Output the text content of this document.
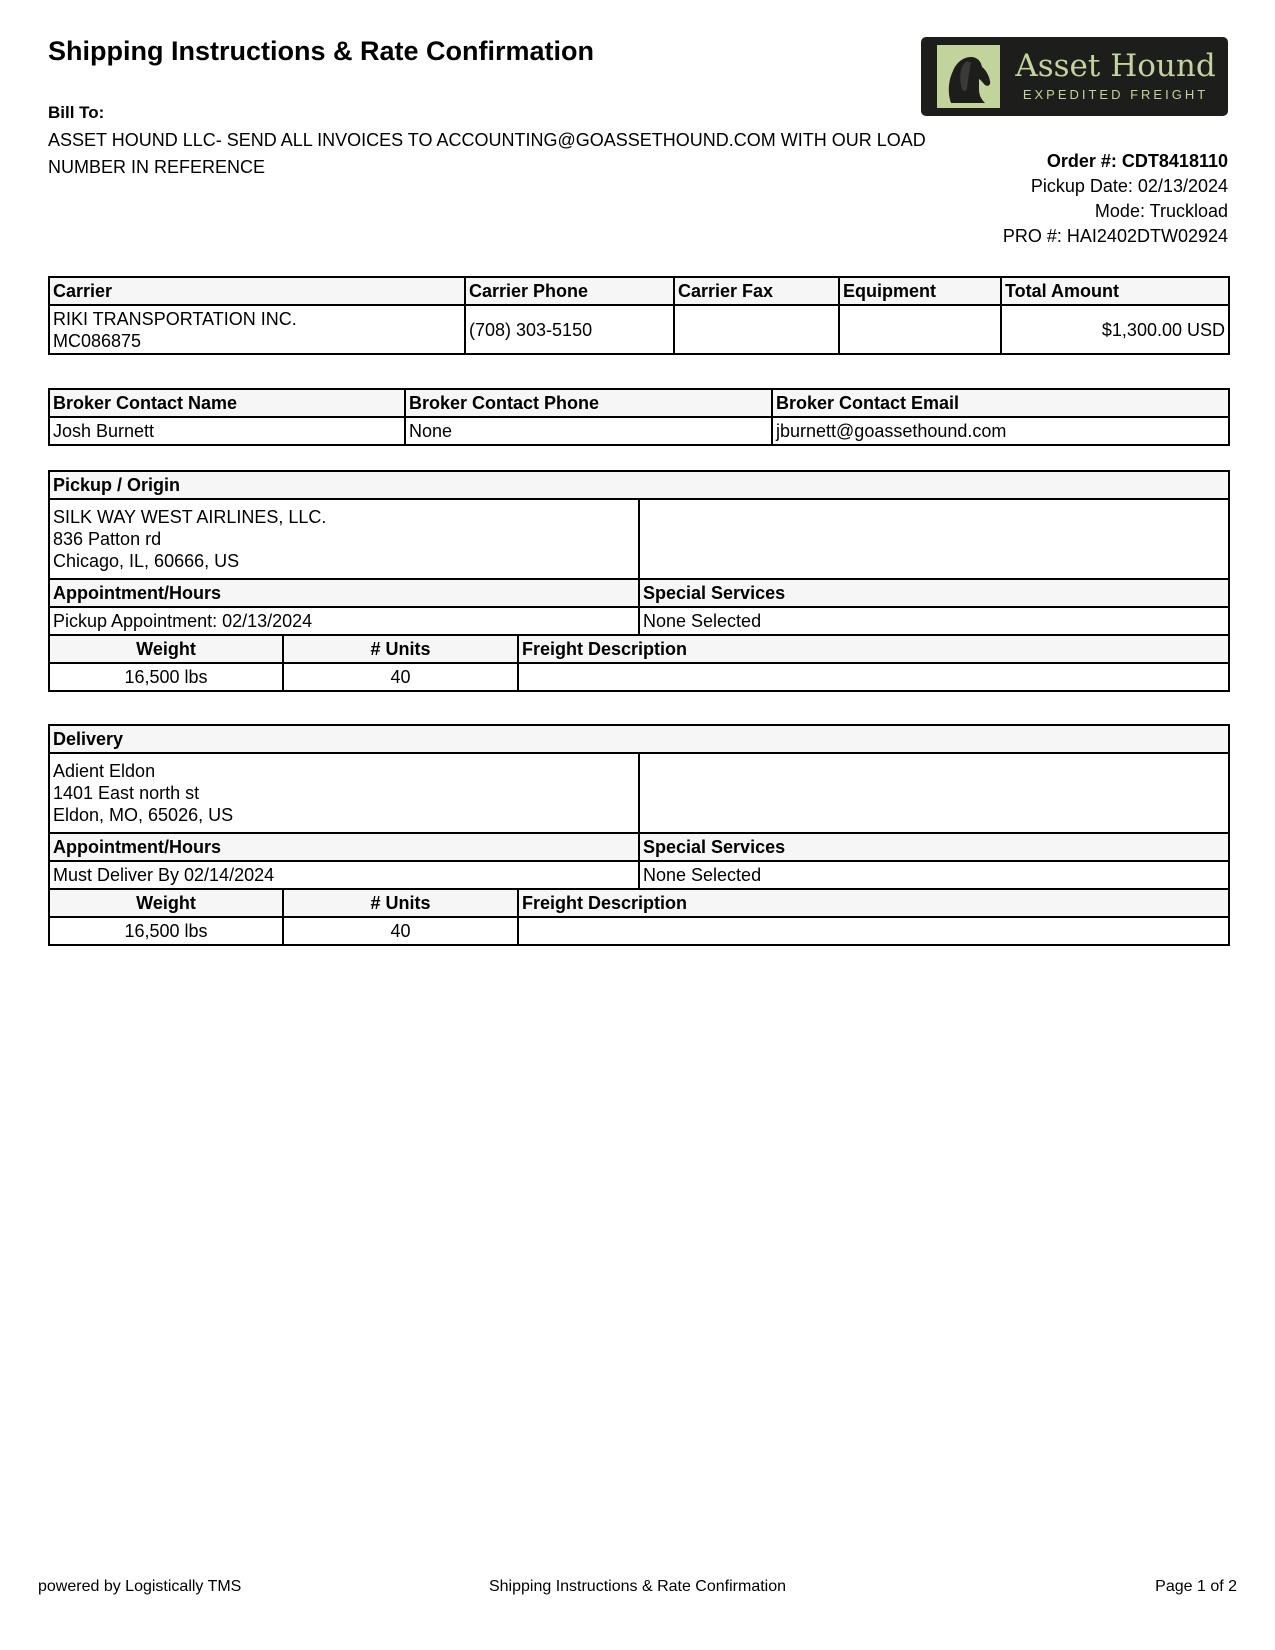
Shipping Instructions & Rate Confirmation	Asset Hound
EXPEDITED FREIGHT
Bill To:
ASSET HOUND LLC- SEND ALL INVOICES TO ACCOUNTING@GOASSETHOUND.COM WITH OUR LOAD NUMBER IN REFERENCE	Order #: CDT8418110
Pickup Date: 02/13/2024
Mode: Truckload
PRO #: HAI2402DTW02924
Carrier	Carrier Phone	Carrier Fax	Equipment	Total Amount

RIKI TRANSPORTATION INC.
MC086875	(708) 303-5150			$1,300.00 USD
Broker Contact Name	Broker Contact Phone	Broker Contact Email
Josh Burnett	None	jburnett@goassethound.com
Pickup / Origin			

SILK WAY WEST AIRLINES, LLC.
836 Patton rd
Chicago, IL, 60666, US			

Appointment/Hours			Special Services
Pickup Appointment: 02/13/2024			None Selected
Weight	# Units	Freight Description	
16,500 lbs	40		
Delivery			

Adient Eldon
1401 East north st
Eldon, MO, 65026, US			

Appointment/Hours			Special Services
Must Deliver By 02/14/2024			None Selected
Weight	# Units	Freight Description	
16,500 lbs	40		
powered by Logistically TMS	Shipping Instructions & Rate Confirmation	Page 1 of 2
